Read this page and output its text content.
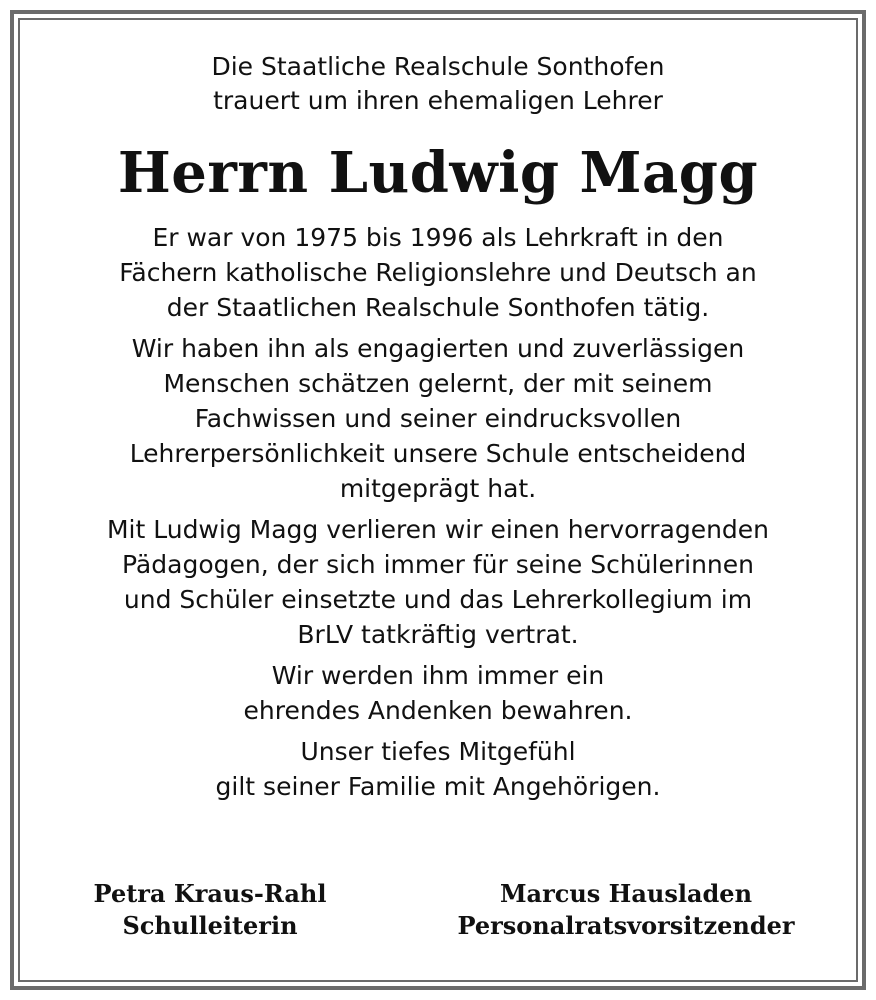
Die Staatliche Realschule Sonthofen

trauert um ihren ehemaligen Lehrer

Herrn Ludwig Magg
Er war von 1975 bis 1996 als Lehrkraft in den
Fächern katholische Religionslehre und Deutsch an
der Staatlichen Realschule Sonthofen tätig.
Wir haben ihn als engagierten und zuverlässigen
Menschen schätzen gelernt, der mit seinem
Fachwissen und seiner eindrucksvollen
Lehrerpersönlichkeit unsere Schule entscheidend
mitgeprägt hat.
Mit Ludwig Magg verlieren wir einen hervorragenden
Pädagogen, der sich immer für seine Schülerinnen
und Schüler einsetzte und das Lehrerkollegium im
BrLV tatkräftig vertrat.
Wir werden ihm immer ein
ehrendes Andenken bewahren.
Unser tiefes Mitgefühl
gilt seiner Familie mit Angehörigen.
Petra Kraus-Rahl
Schulleiterin
Marcus Hausladen
Personalratsvorsitzender
